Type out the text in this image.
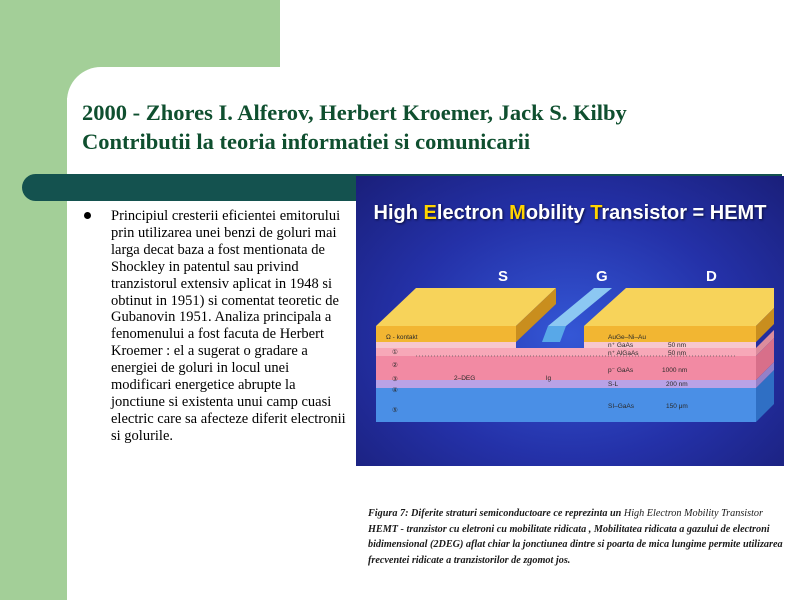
2000 - Zhores I. Alferov, Herbert Kroemer, Jack S. Kilby
Contributii la teoria informatiei si comunicarii
Principiul cresterii eficientei emitorului prin utilizarea unei benzi de goluri mai larga decat baza a fost mentionata de Shockley in patentul sau privind tranzistorul extensiv aplicat in 1948 si obtinut in 1951) si comentat teoretic de Gubanovin 1951. Analiza principala a fenomenului a fost facuta de Herbert Kroemer : el a sugerat o gradare a energiei de goluri in locul unei modificari energetice abrupte la jonctiune si existenta unui camp cuasi electric care sa afecteze diferit electronii si golurile.
High Electron Mobility Transistor = HEMT
S	G	D
Ω - kontakt
①
②
③
④
⑤
2–DEG	lg
AuGe–Ni–Au
n⁺ GaAs	50 nm
n⁺ AlGaAs	50 nm
p⁻ GaAs	1000 nm
S-L	200 nm
SI–GaAs	150 μm
Figura 7: Diferite straturi semiconductoare ce reprezinta un High Electron Mobility Transistor HEMT - tranzistor cu eletroni cu mobilitate ridicata , Mobilitatea ridicata a gazului de electroni bidimensional (2DEG) aflat chiar la jonctiunea dintre si poarta de mica lungime permite utilizarea frecventei ridicate a tranzistorilor de zgomot jos.
